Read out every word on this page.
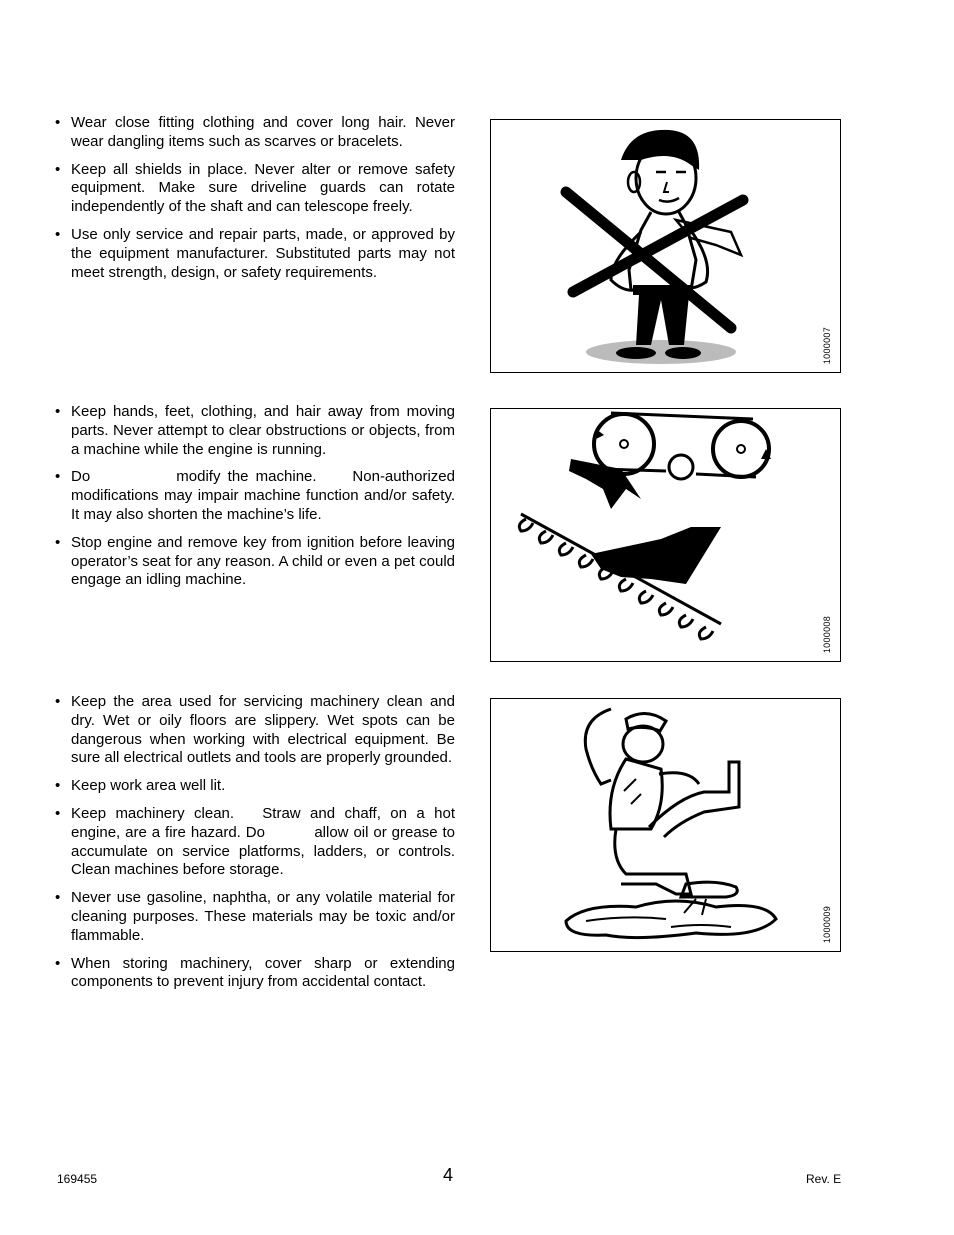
• Wear close fitting clothing and cover long hair. Never wear dangling items such as scarves or bracelets.
• Keep all shields in place. Never alter or remove safety equipment. Make sure driveline guards can rotate independently of the shaft and can telescope freely.
• Use only service and repair parts, made, or approved by the equipment manufacturer. Substituted parts may not meet strength, design, or safety requirements.
1000007
• Keep hands, feet, clothing, and hair away from moving parts. Never attempt to clear obstructions or objects, from a machine while the engine is running.
• Do            modify the machine.     Non-authorized modifications may impair machine function and/or safety. It may also shorten the machine’s life.
• Stop engine and remove key from ignition before leaving operator’s seat for any reason. A child or even a pet could engage an idling machine.
1000008
• Keep the area used for servicing machinery clean and dry. Wet or oily floors are slippery. Wet spots can be dangerous when working with electrical equipment. Be sure all electrical outlets and tools are properly grounded.
• Keep work area well lit.
• Keep machinery clean.   Straw and chaff, on a hot engine, are a fire hazard. Do          allow oil or grease to accumulate on service platforms, ladders, or controls. Clean machines before storage.
• Never use gasoline, naphtha, or any volatile material for cleaning purposes. These materials may be toxic and/or flammable.
• When storing machinery, cover sharp or extending components to prevent injury from accidental contact.
1000009
169455	4	Rev. E
